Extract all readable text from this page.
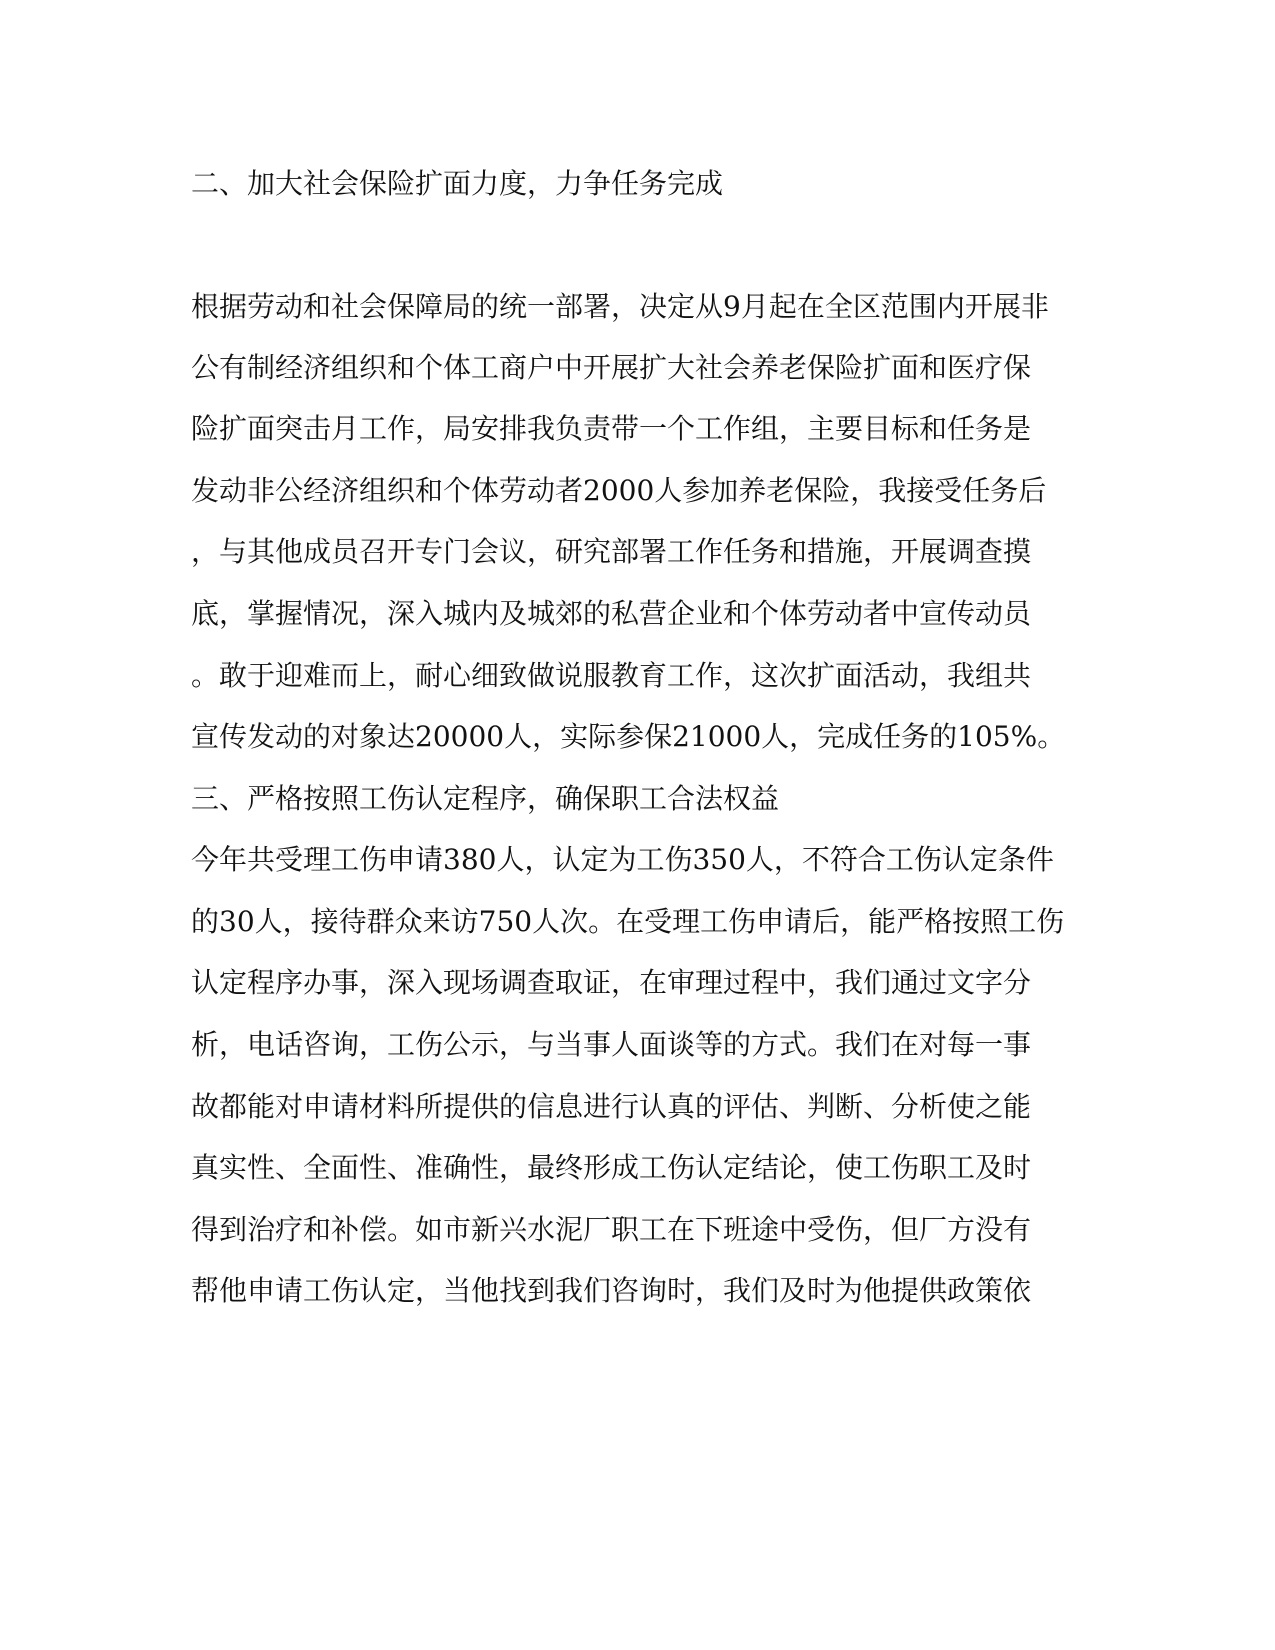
二、加大社会保险扩面力度，力争任务完成
根据劳动和社会保障局的统一部署，决定从9月起在全区范围内开展非
公有制经济组织和个体工商户中开展扩大社会养老保险扩面和医疗保
险扩面突击月工作，局安排我负责带一个工作组，主要目标和任务是
发动非公经济组织和个体劳动者2000人参加养老保险，我接受任务后
，与其他成员召开专门会议，研究部署工作任务和措施，开展调查摸
底，掌握情况，深入城内及城郊的私营企业和个体劳动者中宣传动员
。敢于迎难而上，耐心细致做说服教育工作，这次扩面活动，我组共
宣传发动的对象达20000人，实际参保21000人，完成任务的105%。
三、严格按照工伤认定程序，确保职工合法权益
今年共受理工伤申请380人，认定为工伤350人，不符合工伤认定条件
的30人，接待群众来访750人次。在受理工伤申请后，能严格按照工伤
认定程序办事，深入现场调查取证，在审理过程中，我们通过文字分
析，电话咨询，工伤公示，与当事人面谈等的方式。我们在对每一事
故都能对申请材料所提供的信息进行认真的评估、判断、分析使之能
真实性、全面性、准确性，最终形成工伤认定结论，使工伤职工及时
得到治疗和补偿。如市新兴水泥厂职工在下班途中受伤，但厂方没有
帮他申请工伤认定，当他找到我们咨询时，我们及时为他提供政策依
